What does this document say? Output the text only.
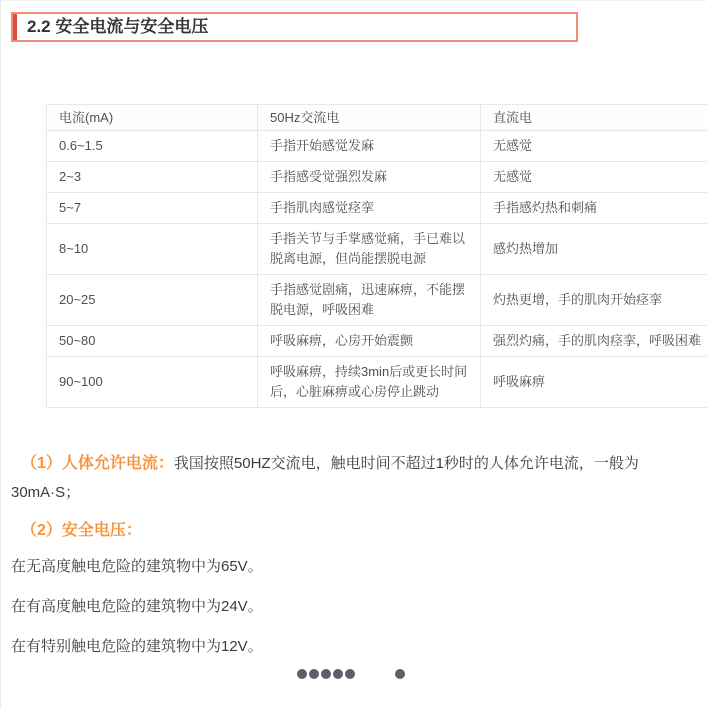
2.2 安全电流与安全电压
电流(mA)	50Hz交流电	直流电
0.6~1.5	手指开始感觉发麻	无感觉
2~3	手指感受觉强烈发麻	无感觉
5~7	手指肌肉感觉痉挛	手指感灼热和刺痛
8~10	手指关节与手掌感觉痛，手已难以脱离电源，但尚能摆脱电源	感灼热增加
20~25	手指感觉剧痛，迅速麻痹，不能摆脱电源，呼吸困难	灼热更增，手的肌肉开始痉挛
50~80	呼吸麻痹，心房开始震颤	强烈灼痛，手的肌肉痉挛，呼吸困难
90~100	呼吸麻痹，持续3min后或更长时间后，心脏麻痹或心房停止跳动	呼吸麻痹

（1）人体允许电流：我国按照50HZ交流电，触电时间不超过1秒时的人体允许电流，一般为
30mA·S；

（2）安全电压：

在无高度触电危险的建筑物中为65V。

在有高度触电危险的建筑物中为24V。

在有特别触电危险的建筑物中为12V。
